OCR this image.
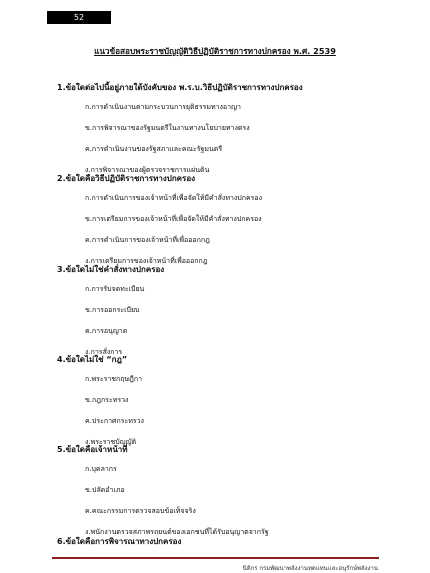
52
แนวข้อสอบพระราชบัญญัติวิธีปฏิบัติราชการทางปกครอง พ.ศ. 2539
1.ข้อใดต่อไปนี้อยู่ภายใต้บังคับของ พ.ร.บ.วิธีปฏิบัติราชการทางปกครอง
ก.การดำเนินงานตามกระบวนการยุติธรรมทางอาญา
ข.การพิจารณาของรัฐมนตรีในงานทางนโยบายทางตรง
ค.การดำเนินงานของรัฐสภาและคณะรัฐมนตรี
ง.การพิจารณาของผู้ตรวจราชการแผ่นดิน
2.ข้อใดคือวิธีปฏิบัติราชการทางปกครอง
ก.การดำเนินการของเจ้าหน้าที่เพื่อจัดให้มีคำสั่งทางปกครอง
ข.การเตรียมการของเจ้าหน้าที่เพื่อจัดให้มีคำสั่งทางปกครอง
ค.การดำเนินการของเจ้าหน้าที่เพื่อออกกฎ
ง.การเตรียมการของเจ้าหน้าที่เพื่อออกกฎ
3.ข้อใดไม่ใช่คำสั่งทางปกครอง
ก.การรับจดทะเบียน
ข.การออกระเบียบ
ค.การอนุญาต
ง.การสั่งการ
4.ข้อใดไม่ใช่ “กฎ”
ก.พระราชกฤษฎีกา
ข.กฎกระทรวง
ค.ประกาศกระทรวง
ง.พระราชบัญญัติ
5.ข้อใดคือเจ้าหน้าที่
ก.บุคลากร
ข.ปลัดอำเภอ
ค.คณะกรรมการตรวจสอบข้อเท็จจริง
ง.พนักงานตรวจสภาพรถยนต์ของเอกชนที่ได้รับอนุญาตจากรัฐ
6.ข้อใดคือการพิจารณาทางปกครอง
นิติกร กรมพัฒนาพลังงานทดแทนและอนุรักษ์พลังงาน
